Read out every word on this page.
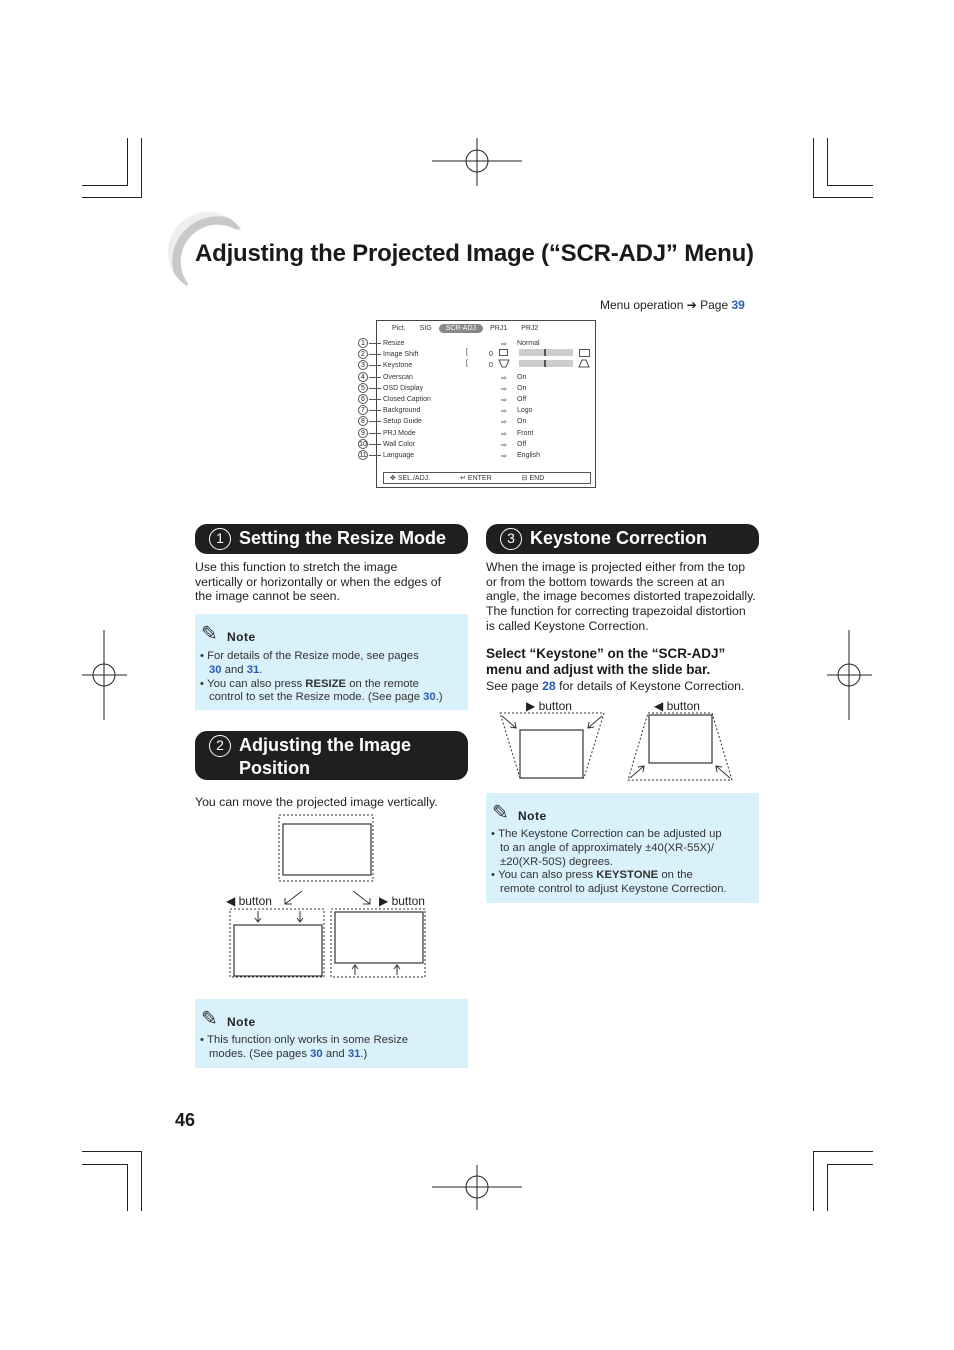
Adjusting the Projected Image (“SCR-ADJ” Menu)
Menu operation ➔ Page 39
Pict.	SIG	SCR-ADJ	PRJ1	PRJ2
Resize	⇨ Normal
Image Shift	0
Keystone	0
Overscan	⇨ On
OSD Display	⇨ On
Closed Caption	⇨ Off
Background	⇨ Logo
Setup Guide	⇨ On
PRJ Mode	⇨ Front
Wall Color	⇨ Off
Language	⇨ English
[
[
✥ SEL./ADJ.	↵ ENTER	⊟ END
1
2
3
4
5
6
7
8
9
10
11
1 Setting the Resize Mode
Use this function to stretch the image
vertically or horizontally or when the edges of
the image cannot be seen.
✎ Note
• For details of the Resize mode, see pages
30 and 31.
• You can also press RESIZE on the remote
control to set the Resize mode. (See page 30.)
2 Adjusting the Image
Position
You can move the projected image vertically.
◀ button	▶ button
✎ Note
• This function only works in some Resize
modes. (See pages 30 and 31.)
3 Keystone Correction
When the image is projected either from the top
or from the bottom towards the screen at an
angle, the image becomes distorted trapezoidally.
The function for correcting trapezoidal distortion
is called Keystone Correction.
Select “Keystone” on the “SCR-ADJ”
menu and adjust with the slide bar.
See page 28 for details of Keystone Correction.
▶ button	◀ button
✎ Note
• The Keystone Correction can be adjusted up
to an angle of approximately ±40(XR-55X)/
±20(XR-50S) degrees.
• You can also press KEYSTONE on the
remote control to adjust Keystone Correction.
46
